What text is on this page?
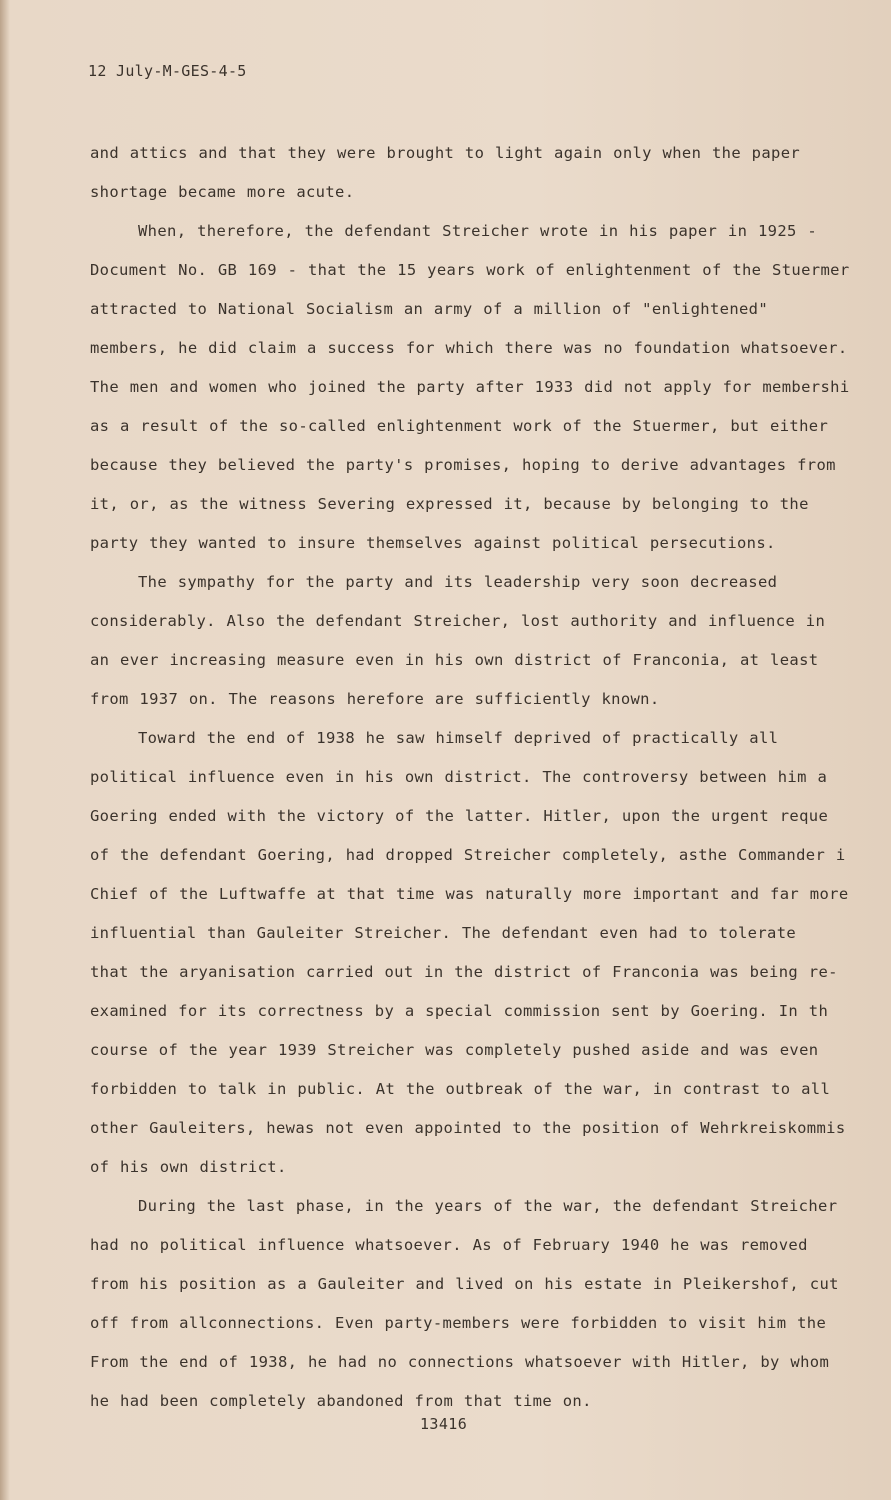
12 July-M-GES-4-5
and attics and that they were brought to light again only when the paper
shortage became more acute.
When, therefore, the defendant Streicher wrote in his paper in 1925 -
Document No. GB 169 - that the 15 years work of enlightenment of the Stuermer
attracted to National Socialism an army of a million of "enlightened"
members, he did claim a success for which there was no foundation whatsoever.
The men and women who joined the party after 1933 did not apply for membershi
as a result of the so-called enlightenment work of the Stuermer, but either
because they believed the party's promises, hoping to derive advantages from
it, or, as the witness Severing expressed it, because by belonging to the
party they wanted to insure themselves against political persecutions.
The sympathy for the party and its leadership very soon decreased
considerably. Also the defendant Streicher, lost authority and influence in
an ever increasing measure even in his own district of Franconia, at least
from 1937 on. The reasons herefore are sufficiently known.
Toward the end of 1938 he saw himself deprived of practically all
political influence even in his own district. The controversy between him a
Goering ended with the victory of the latter. Hitler, upon the urgent reque
of the defendant Goering, had dropped Streicher completely, asthe Commander i
Chief of the Luftwaffe at that time was naturally more important and far more
influential than Gauleiter Streicher. The defendant even had to tolerate
that the aryanisation carried out in the district of Franconia was being re-
examined for its correctness by a special commission sent by Goering. In th
course of the year 1939 Streicher was completely pushed aside and was even
forbidden to talk in public. At the outbreak of the war, in contrast to all
other Gauleiters, hewas not even appointed to the position of Wehrkreiskommis
of his own district.
During the last phase, in the years of the war, the defendant Streicher
had no political influence whatsoever. As of February 1940 he was removed
from his position as a Gauleiter and lived on his estate in Pleikershof, cut
off from allconnections. Even party-members were forbidden to visit him the
From the end of 1938, he had no connections whatsoever with Hitler, by whom
he had been completely abandoned from that time on.
13416
